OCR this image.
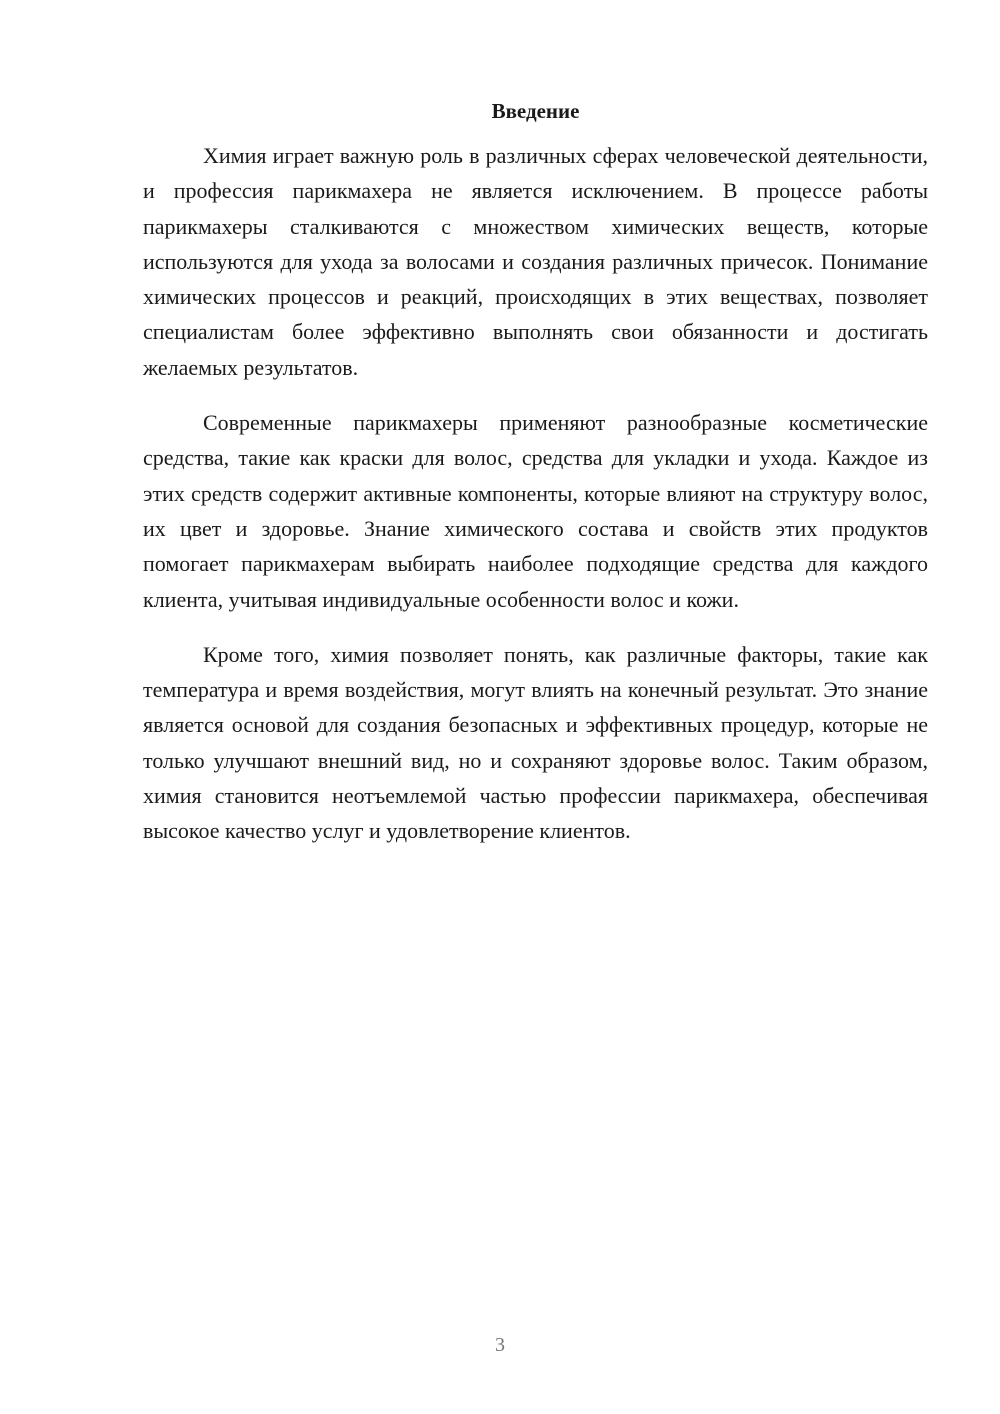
Введение

Химия играет важную роль в различных сферах человеческой деятельности, и профессия парикмахера не является исключением. В процессе работы парикмахеры сталкиваются с множеством химических веществ, которые используются для ухода за волосами и создания различных причесок. Понимание химических процессов и реакций, происходящих в этих веществах, позволяет специалистам более эффективно выполнять свои обязанности и достигать желаемых результатов.

Современные парикмахеры применяют разнообразные косметические средства, такие как краски для волос, средства для укладки и ухода. Каждое из этих средств содержит активные компоненты, которые влияют на структуру волос, их цвет и здоровье. Знание химического состава и свойств этих продуктов помогает парикмахерам выбирать наиболее подходящие средства для каждого клиента, учитывая индивидуальные особенности волос и кожи.

Кроме того, химия позволяет понять, как различные факторы, такие как температура и время воздействия, могут влиять на конечный результат. Это знание является основой для создания безопасных и эффективных процедур, которые не только улучшают внешний вид, но и сохраняют здоровье волос. Таким образом, химия становится неотъемлемой частью профессии парикмахера, обеспечивая высокое качество услуг и удовлетворение клиентов.

3
